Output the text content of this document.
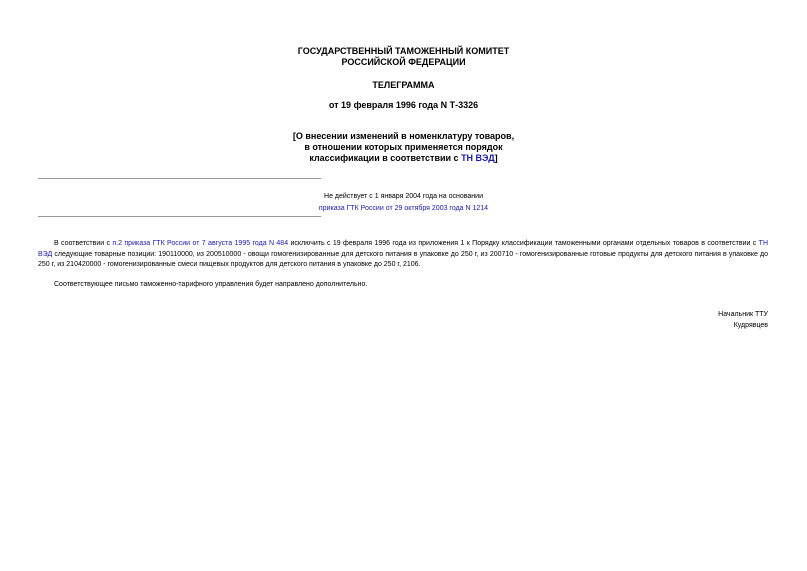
ГОСУДАРСТВЕННЫЙ ТАМОЖЕННЫЙ КОМИТЕТ
РОССИЙСКОЙ ФЕДЕРАЦИИ
ТЕЛЕГРАММА
от 19 февраля 1996 года N Т-3326
[О внесении изменений в номенклатуру товаров,
в отношении которых применяется порядок
классификации в соответствии с ТН ВЭД]
Не действует с 1 января 2004 года на основании
приказа ГТК России от 29 октября 2003 года N 1214
В соответствии с п.2 приказа ГТК России от 7 августа 1995 года N 484 исключить с 19 февраля 1996 года из приложения 1 к Порядку классификации таможенными органами отдельных товаров в соответствии с ТН ВЭД следующие товарные позиции: 190110000, из 200510000 - овощи гомогенизированные для детского питания в упаковке до 250 г, из 200710 - гомогенизированные готовые продукты для детского питания в упаковке до 250 г, из 210420000 - гомогенизированные смеси пищевых продуктов для детского питания в упаковке до 250 г, 2106.
Соответствующее письмо таможенно-тарифного управления будет направлено дополнительно.
Начальник ТТУ
Кудрявцев
